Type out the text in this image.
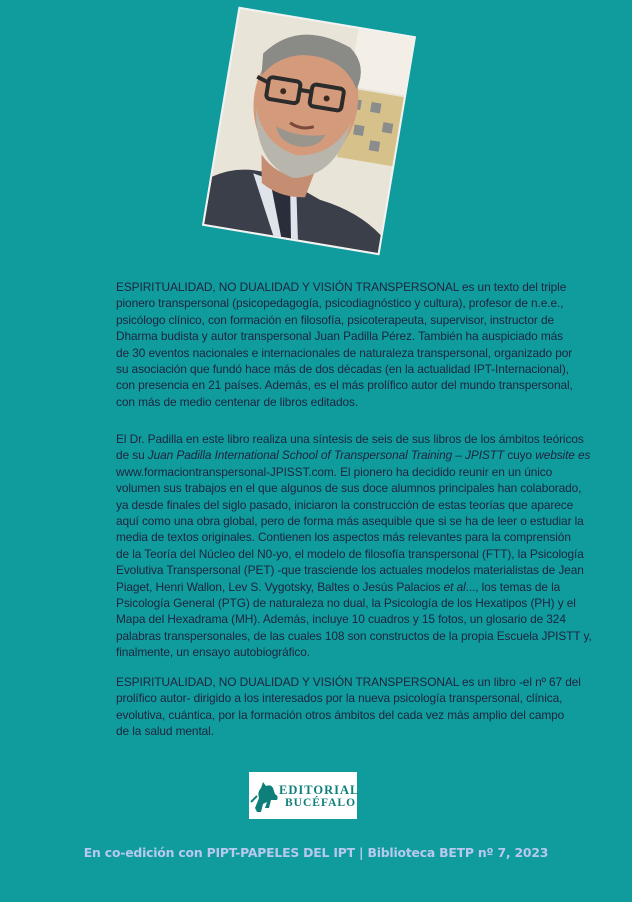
ESPIRITUALIDAD, NO DUALIDAD Y VISIÓN TRANSPERSONAL es un texto del triple
pionero transpersonal (psicopedagogía, psicodiagnóstico y cultura), profesor de n.e.e.,
psicólogo clínico, con formación en filosofía, psicoterapeuta, supervisor, instructor de
Dharma budista y autor transpersonal Juan Padilla Pérez. También ha auspiciado más
de 30 eventos nacionales e internacionales de naturaleza transpersonal, organizado por
su asociación que fundó hace más de dos décadas (en la actualidad IPT-Internacional),
con presencia en 21 países. Además, es el más prolífico autor del mundo transpersonal,
con más de medio centenar de libros editados.

El Dr. Padilla en este libro realiza una síntesis de seis de sus libros de los ámbitos teóricos
de su Juan Padilla International School of Transpersonal Training – JPISTT cuyo website es
www.formaciontranspersonal-JPISST.com. El pionero ha decidido reunir en un único
volumen sus trabajos en el que algunos de sus doce alumnos principales han colaborado,
ya desde finales del siglo pasado, iniciaron la construcción de estas teorías que aparece
aquí como una obra global, pero de forma más asequible que si se ha de leer o estudiar la
media de textos originales. Contienen los aspectos más relevantes para la comprensión
de la Teoría del Núcleo del N0-yo, el modelo de filosofía transpersonal (FTT), la Psicología
Evolutiva Transpersonal (PET) -que trasciende los actuales modelos materialistas de Jean
Piaget, Henri Wallon, Lev S. Vygotsky, Baltes o Jesús Palacios et al..., los temas de la
Psicología General (PTG) de naturaleza no dual, la Psicología de los Hexatipos (PH) y el
Mapa del Hexadrama (MH). Además, incluye 10 cuadros y 15 fotos, un glosario de 324
palabras transpersonales, de las cuales 108 son constructos de la propia Escuela JPISTT y,
finalmente, un ensayo autobiográfico.

ESPIRITUALIDAD, NO DUALIDAD Y VISIÓN TRANSPERSONAL es un libro -el nº 67 del
prolífico autor- dirigido a los interesados por la nueva psicología transpersonal, clínica,
evolutiva, cuántica, por la formación otros ámbitos del cada vez más amplio del campo
de la salud mental.

EDITORIAL
BUCÉFALO
En co-edición con PIPT-PAPELES DEL IPT | Biblioteca BETP nº 7, 2023
